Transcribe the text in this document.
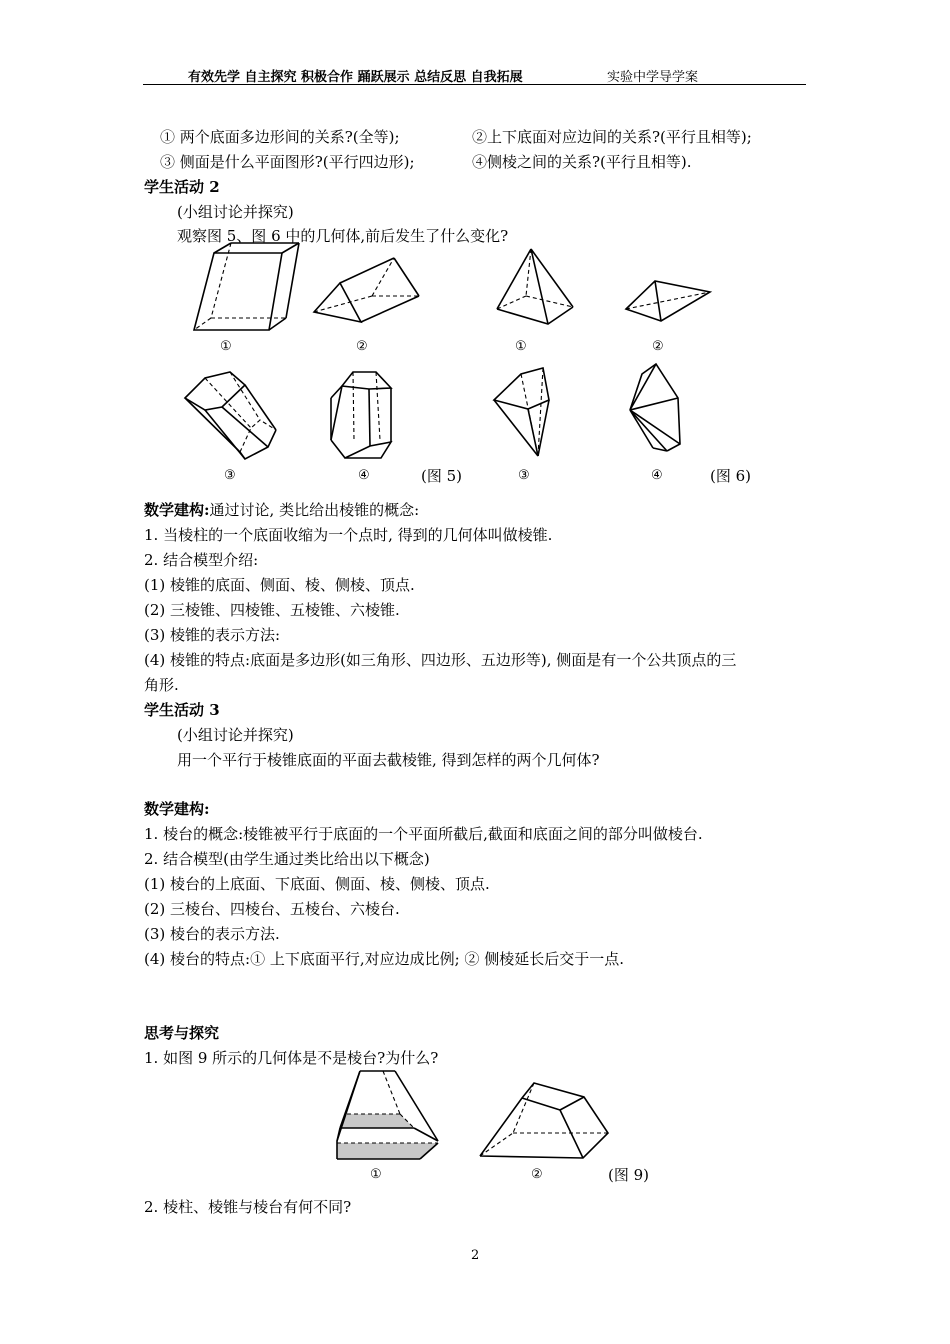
有效先学 自主探究 积极合作 踊跃展示 总结反思 自我拓展	实验中学导学案
① 两个底面多边形间的关系?(全等);	②上下底面对应边间的关系?(平行且相等);
③ 侧面是什么平面图形?(平行四边形);	④侧棱之间的关系?(平行且相等).
学生活动 2
(小组讨论并探究)
观察图 5、图 6 中的几何体,前后发生了什么变化?
①	②	①	②
③	④	(图 5)	③	④	(图 6)
数学建构:通过讨论, 类比给出棱锥的概念:
1. 当棱柱的一个底面收缩为一个点时, 得到的几何体叫做棱锥.
2. 结合模型介绍:
(1) 棱锥的底面、侧面、棱、侧棱、顶点.
(2) 三棱锥、四棱锥、五棱锥、六棱锥.
(3) 棱锥的表示方法:
(4) 棱锥的特点:底面是多边形(如三角形、四边形、五边形等), 侧面是有一个公共顶点的三
角形.
学生活动 3
(小组讨论并探究)
用一个平行于棱锥底面的平面去截棱锥, 得到怎样的两个几何体?
数学建构:
1. 棱台的概念:棱锥被平行于底面的一个平面所截后,截面和底面之间的部分叫做棱台.
2. 结合模型(由学生通过类比给出以下概念)
(1) 棱台的上底面、下底面、侧面、棱、侧棱、顶点.
(2) 三棱台、四棱台、五棱台、六棱台.
(3) 棱台的表示方法.
(4) 棱台的特点:① 上下底面平行,对应边成比例; ② 侧棱延长后交于一点.
思考与探究
1. 如图 9 所示的几何体是不是棱台?为什么?
①	②	(图 9)
2. 棱柱、棱锥与棱台有何不同?
2
